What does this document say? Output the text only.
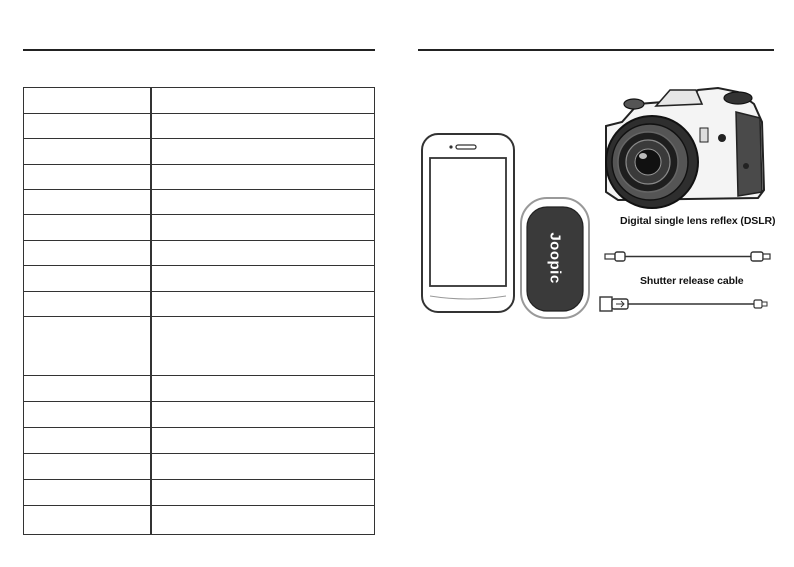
Joopic
Digital single lens reflex (DSLR)
Shutter release cable
